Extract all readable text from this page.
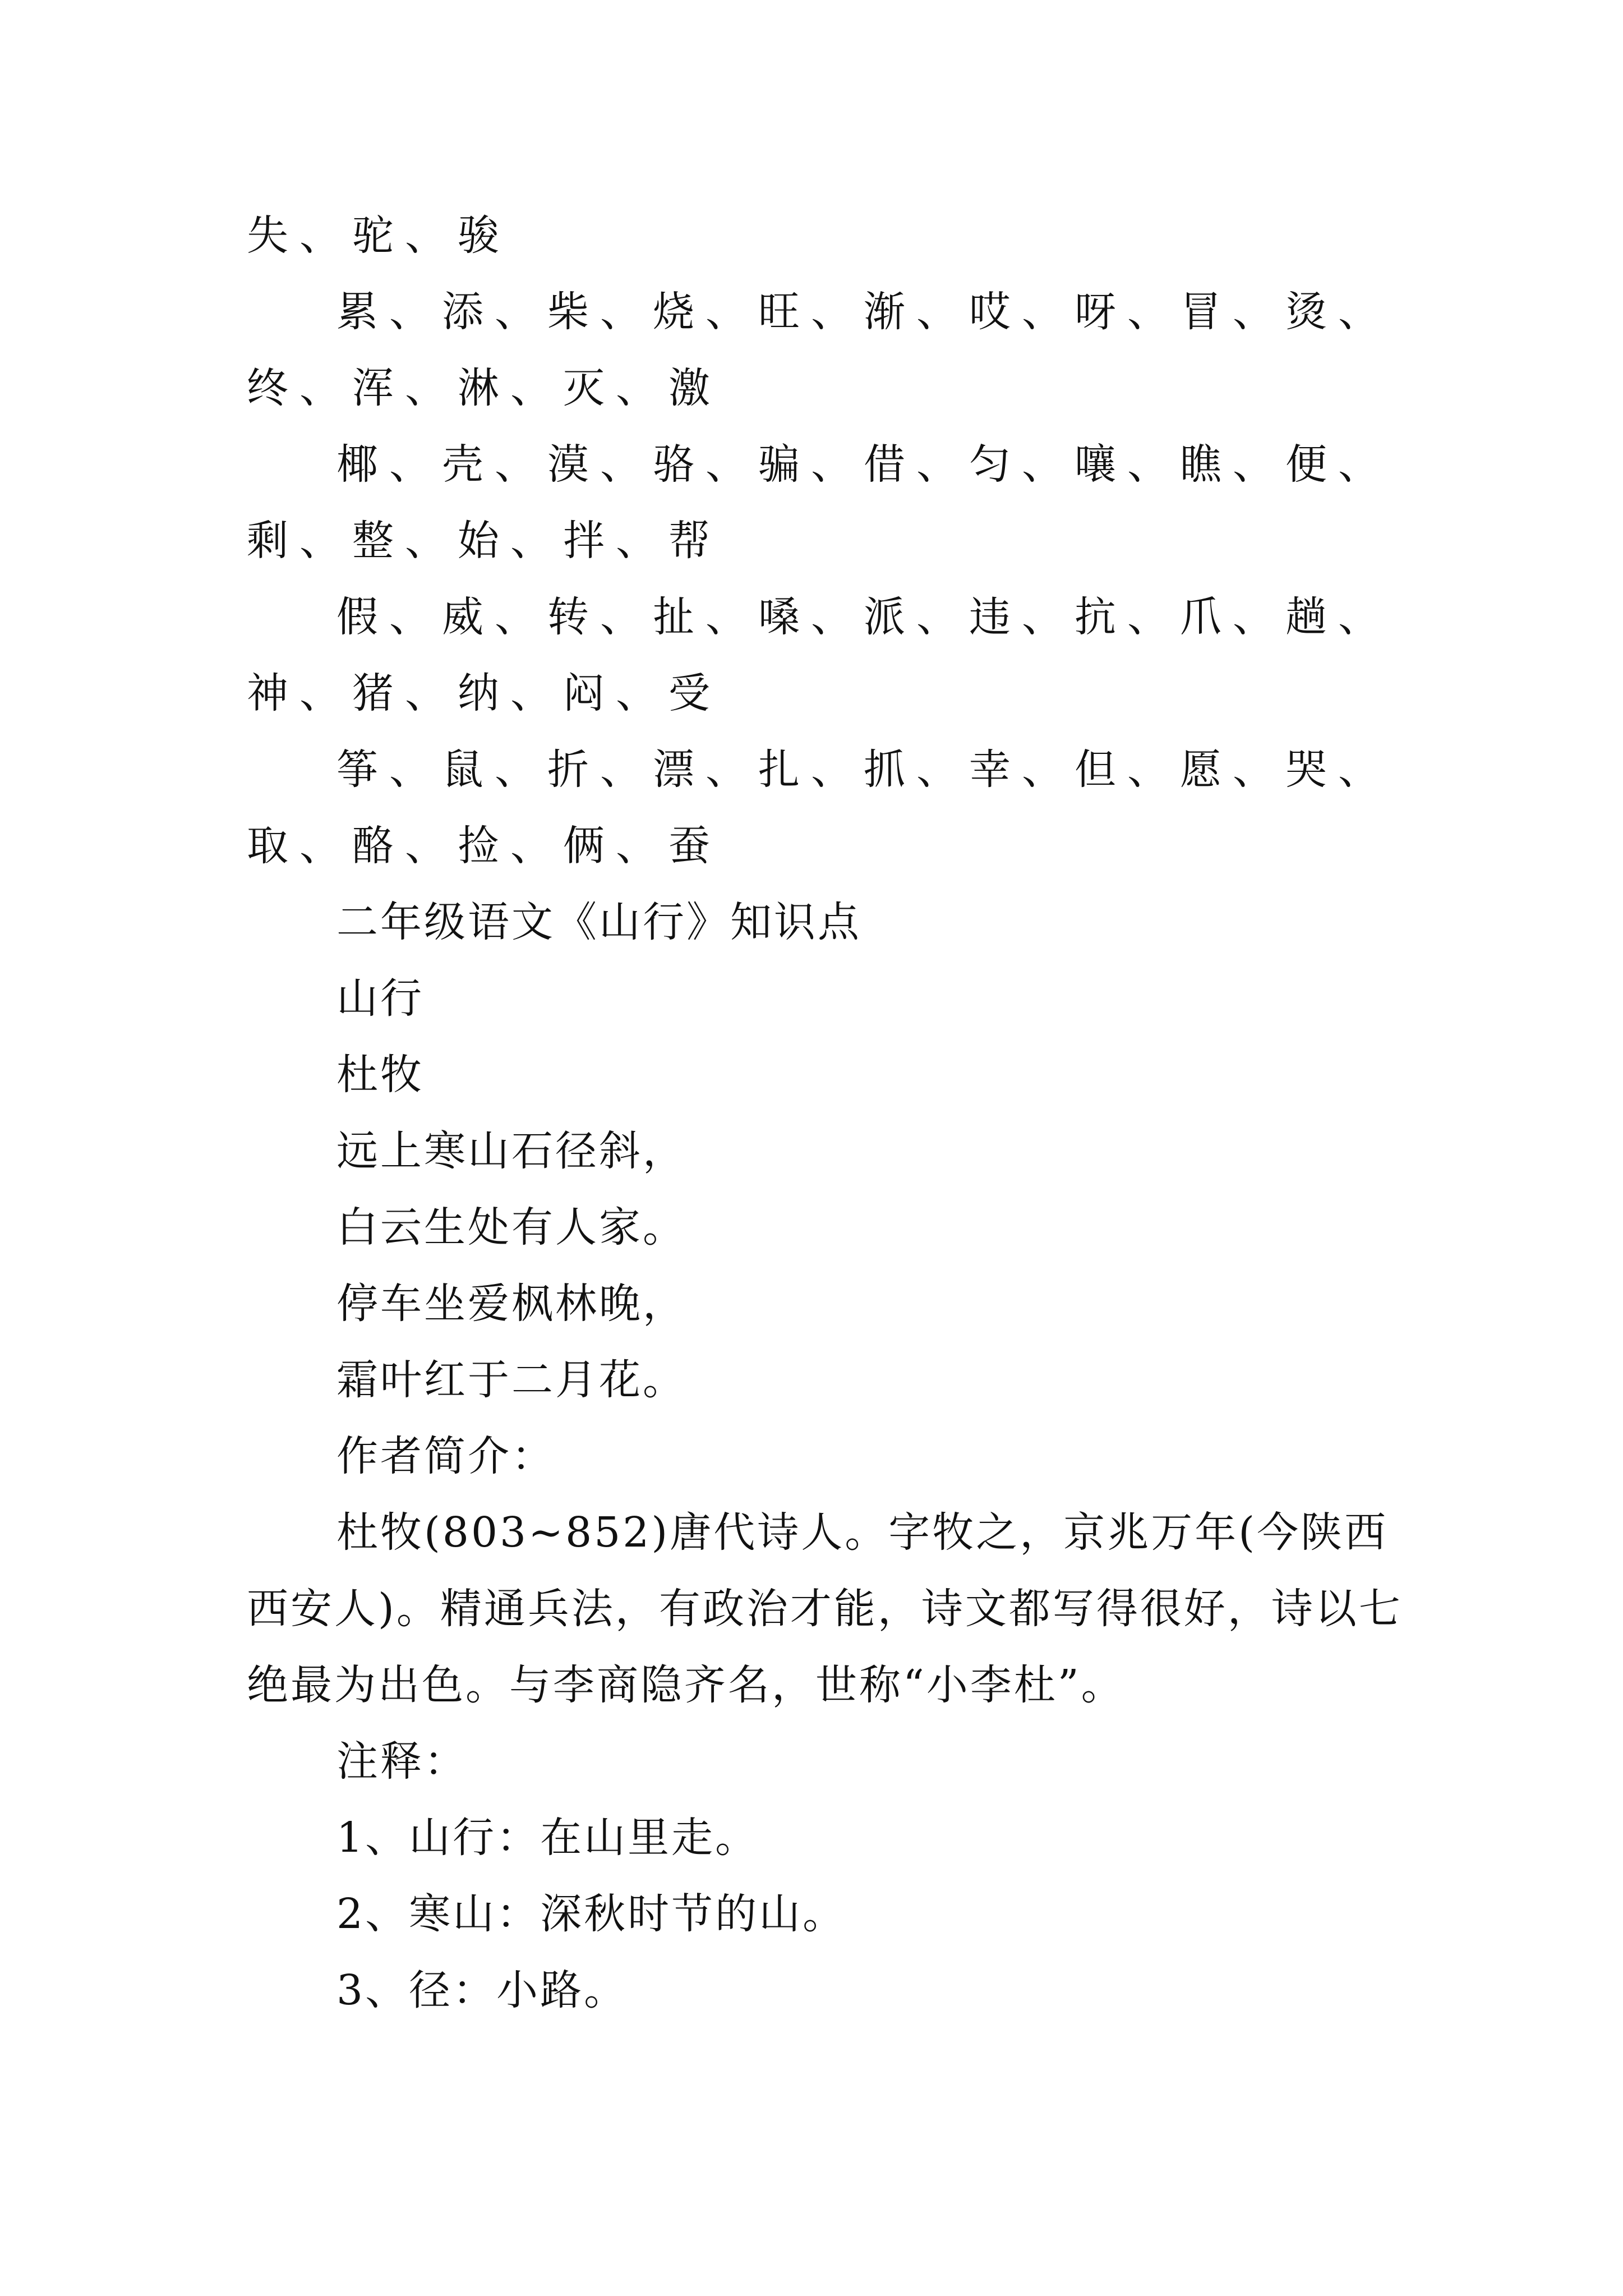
失、驼、骏

累、添、柴、烧、旺、渐、哎、呀、冒、烫、终、浑、淋、灭、激

椰、壳、漠、骆、骗、借、匀、嚷、瞧、便、剩、整、始、拌、帮

假、威、转、扯、嗓、派、违、抗、爪、趟、神、猪、纳、闷、受

筝、鼠、折、漂、扎、抓、幸、但、愿、哭、取、酪、捡、俩、蚕

二年级语文《山行》知识点

山行

杜牧

远上寒山石径斜，

白云生处有人家。

停车坐爱枫林晚，

霜叶红于二月花。

作者简介：

杜牧(803~852)唐代诗人。字牧之，京兆万年(今陕西西安人)。精通兵法，有政治才能，诗文都写得很好，诗以七绝最为出色。与李商隐齐名，世称“小李杜”。

注释：

1、山行：在山里走。

2、寒山：深秋时节的山。

3、径：小路。
